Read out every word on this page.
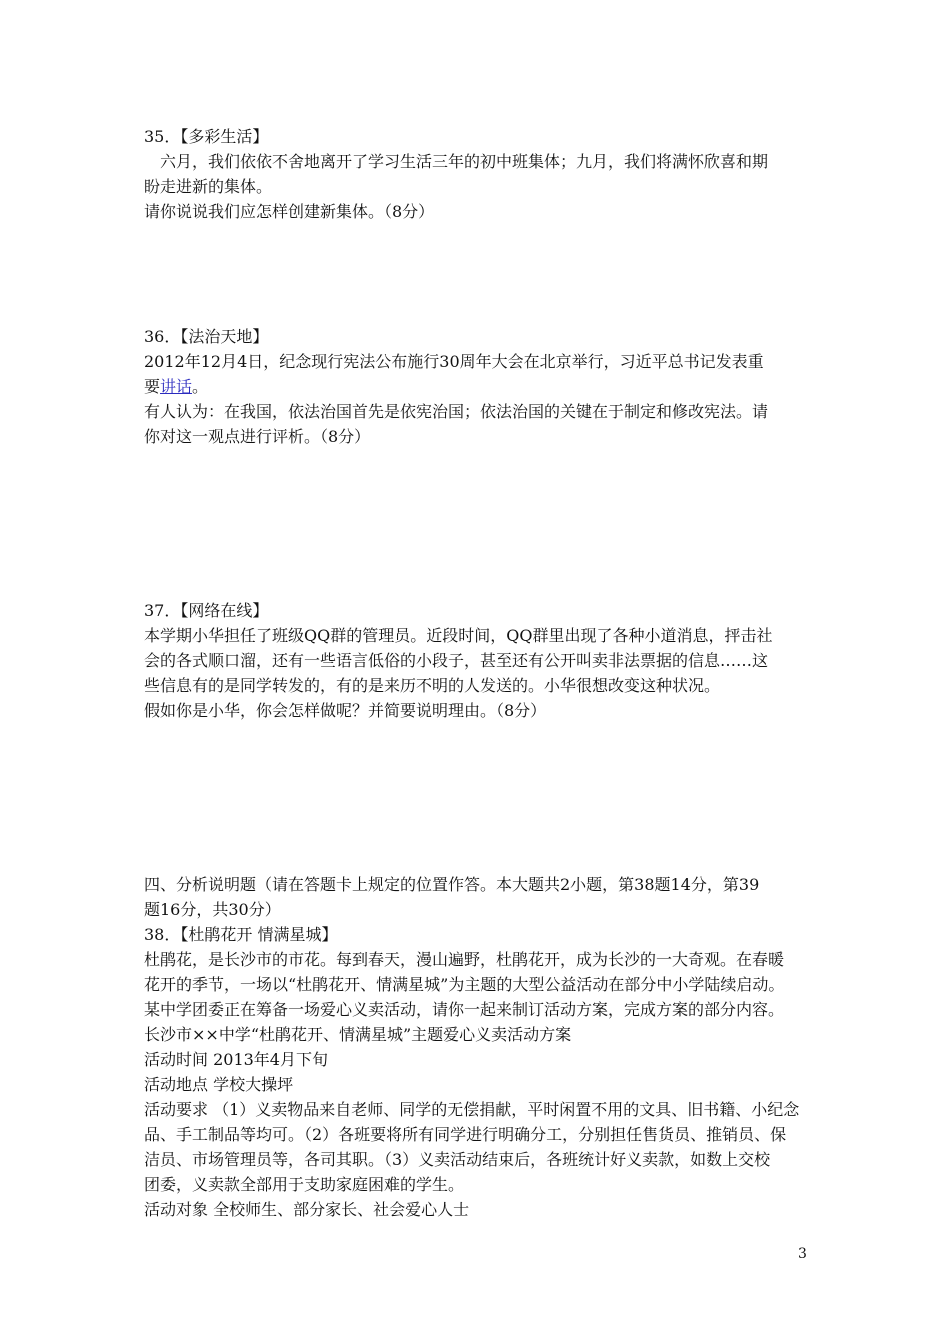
35．【多彩生活】

六月，我们依依不舍地离开了学习生活三年的初中班集体；九月，我们将满怀欣喜和期

盼走进新的集体。

请你说说我们应怎样创建新集体。（8分）

36．【法治天地】

2012年12月4日，纪念现行宪法公布施行30周年大会在北京举行，习近平总书记发表重

要讲话。

有人认为：在我国，依法治国首先是依宪治国；依法治国的关键在于制定和修改宪法。请

你对这一观点进行评析。（8分）

37．【网络在线】

本学期小华担任了班级QQ群的管理员。近段时间，QQ群里出现了各种小道消息，抨击社

会的各式顺口溜，还有一些语言低俗的小段子，甚至还有公开叫卖非法票据的信息……这

些信息有的是同学转发的，有的是来历不明的人发送的。小华很想改变这种状况。

假如你是小华，你会怎样做呢？并简要说明理由。（8分）

四、分析说明题（请在答题卡上规定的位置作答。本大题共2小题，第38题14分，第39

题16分，共30分）

38．【杜鹃花开 情满星城】

杜鹃花，是长沙市的市花。每到春天，漫山遍野，杜鹃花开，成为长沙的一大奇观。在春暖

花开的季节，一场以“杜鹃花开、情满星城”为主题的大型公益活动在部分中小学陆续启动。

某中学团委正在筹备一场爱心义卖活动，请你一起来制订活动方案，完成方案的部分内容。

长沙市××中学“杜鹃花开、情满星城”主题爱心义卖活动方案

活动时间 2013年4月下旬

活动地点 学校大操坪

活动要求 （1）义卖物品来自老师、同学的无偿捐献，平时闲置不用的文具、旧书籍、小纪念

品、手工制品等均可。（2）各班要将所有同学进行明确分工，分别担任售货员、推销员、保

洁员、市场管理员等，各司其职。（3）义卖活动结束后，各班统计好义卖款，如数上交校

团委，义卖款全部用于支助家庭困难的学生。

活动对象 全校师生、部分家长、社会爱心人士

3
